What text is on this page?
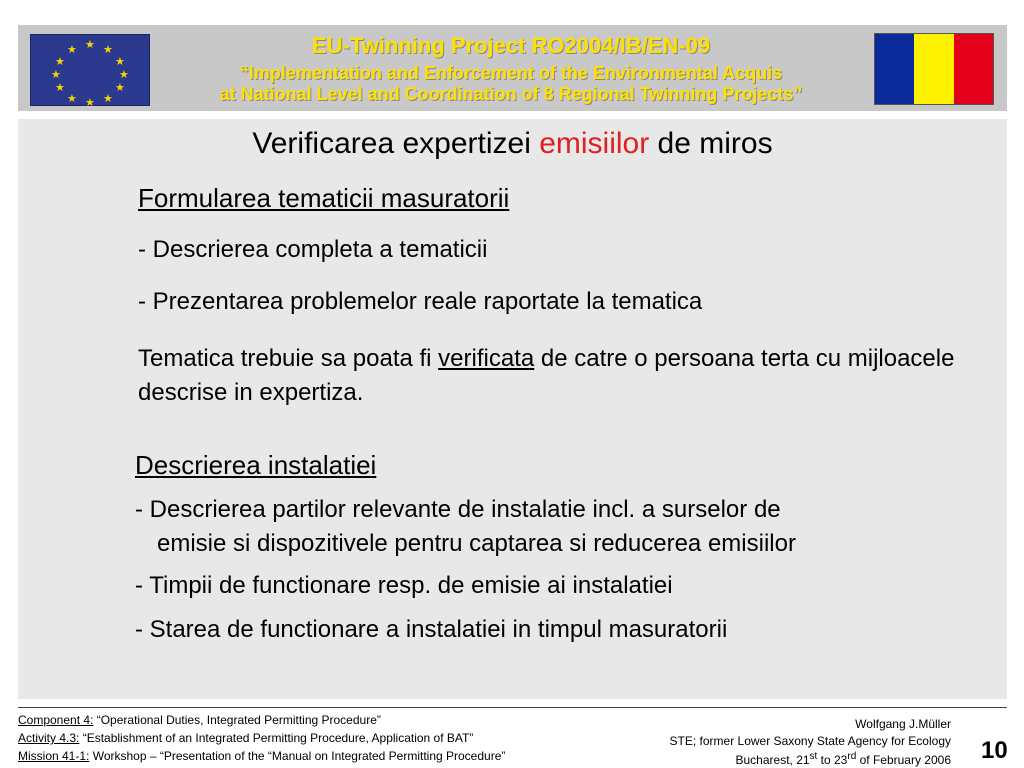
★ ★
★
★
★
★
★
★
★
★
★
★	EU-Twinning Project RO2004/IB/EN-09
“Implementation and Enforcement of the Environmental Acquis
at National Level and Coordination of 8 Regional Twinning Projects”
Verificarea expertizei emisiilor de miros
Formularea tematicii masuratorii
- Descrierea completa a tematicii
- Prezentarea problemelor reale raportate la tematica
Tematica trebuie sa poata fi verificata de catre o persoana terta cu mijloacele descrise in expertiza.
Descrierea instalatiei
- Descrierea partilor relevante de instalatie incl. a surselor de
emisie si dispozitivele pentru captarea si reducerea emisiilor
- Timpii de functionare resp. de emisie ai instalatiei
- Starea de functionare a instalatiei in timpul masuratorii
Component 4: “Operational Duties, Integrated Permitting Procedure”
Activity 4.3: “Establishment of an Integrated Permitting Procedure, Application of BAT”
Mission 41-1: Workshop – “Presentation of the “Manual on Integrated Permitting Procedure”
Wolfgang J.Müller
STE; former Lower Saxony State Agency for Ecology
Bucharest, 21st to 23rd of February 2006 10
